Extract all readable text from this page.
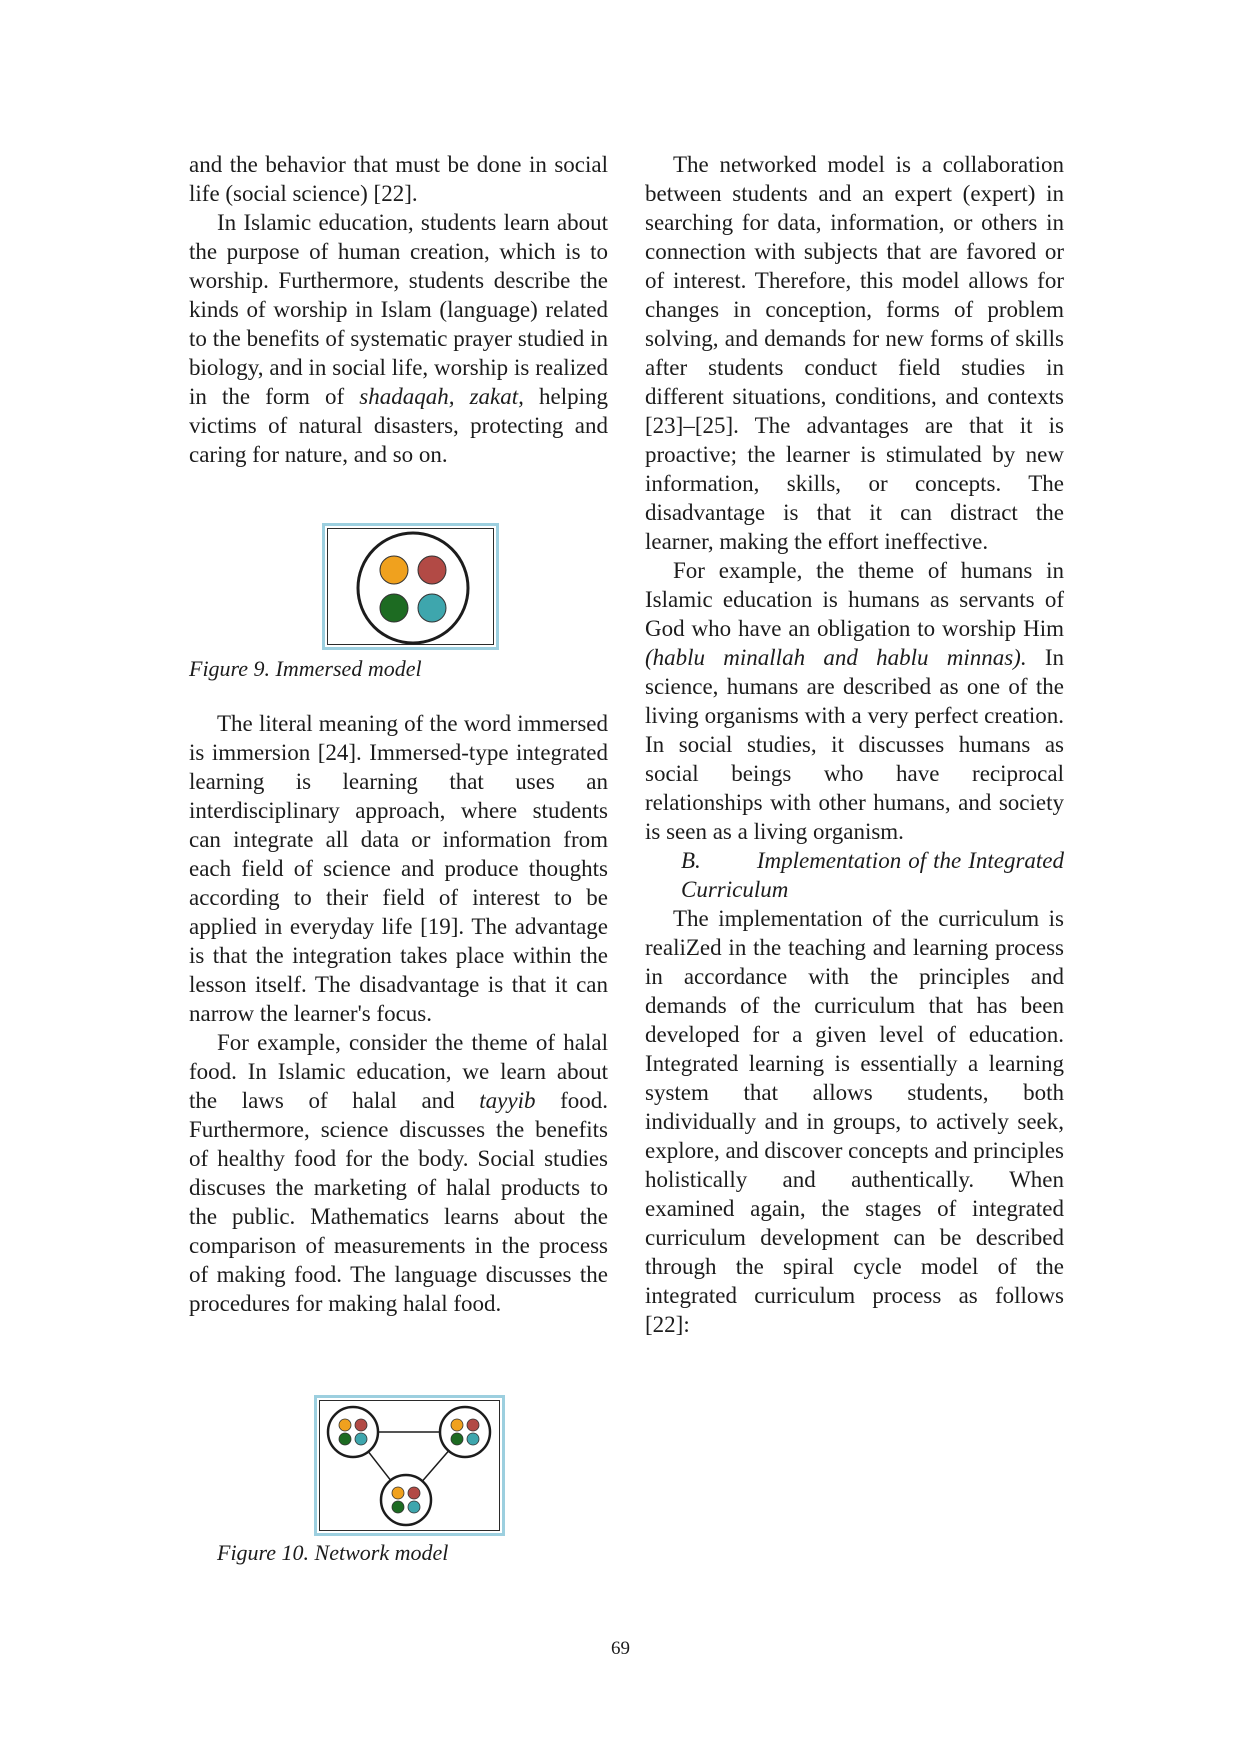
and the behavior that must be done in social life (social science) [22].

In Islamic education, students learn about the purpose of human creation, which is to worship. Furthermore, students describe the kinds of worship in Islam (language) related to the benefits of systematic prayer studied in biology, and in social life, worship is realized in the form of shadaqah, zakat, helping victims of natural disasters, protecting and caring for nature, and so on.

Figure 9. Immersed model

The literal meaning of the word immersed is immersion [24]. Immersed-type integrated learning is learning that uses an interdisciplinary approach, where students can integrate all data or information from each field of science and produce thoughts according to their field of interest to be applied in everyday life [19]. The advantage is that the integration takes place within the lesson itself. The disadvantage is that it can narrow the learner's focus.

For example, consider the theme of halal food. In Islamic education, we learn about the laws of halal and tayyib food. Furthermore, science discusses the benefits of healthy food for the body. Social studies discuses the marketing of halal products to the public. Mathematics learns about the comparison of measurements in the process of making food. The language discusses the procedures for making halal food.

Figure 10. Network model

The networked model is a collaboration between students and an expert (expert) in searching for data, information, or others in connection with subjects that are favored or of interest. Therefore, this model allows for changes in conception, forms of problem solving, and demands for new forms of skills after students conduct field studies in different situations, conditions, and contexts [23]–[25]. The advantages are that it is proactive; the learner is stimulated by new information, skills, or concepts. The disadvantage is that it can distract the learner, making the effort ineffective.

For example, the theme of humans in Islamic education is humans as servants of God who have an obligation to worship Him (hablu minallah and hablu minnas). In science, humans are described as one of the living organisms with a very perfect creation. In social studies, it discusses humans as social beings who have reciprocal relationships with other humans, and society is seen as a living organism.

B.        Implementation of the Integrated Curriculum

The implementation of the curriculum is realiZed in the teaching and learning process in accordance with the principles and demands of the curriculum that has been developed for a given level of education. Integrated learning is essentially a learning system that allows students, both individually and in groups, to actively seek, explore, and discover concepts and principles holistically and authentically. When examined again, the stages of integrated curriculum development can be described through the spiral cycle model of the integrated curriculum process as follows [22]:

69
